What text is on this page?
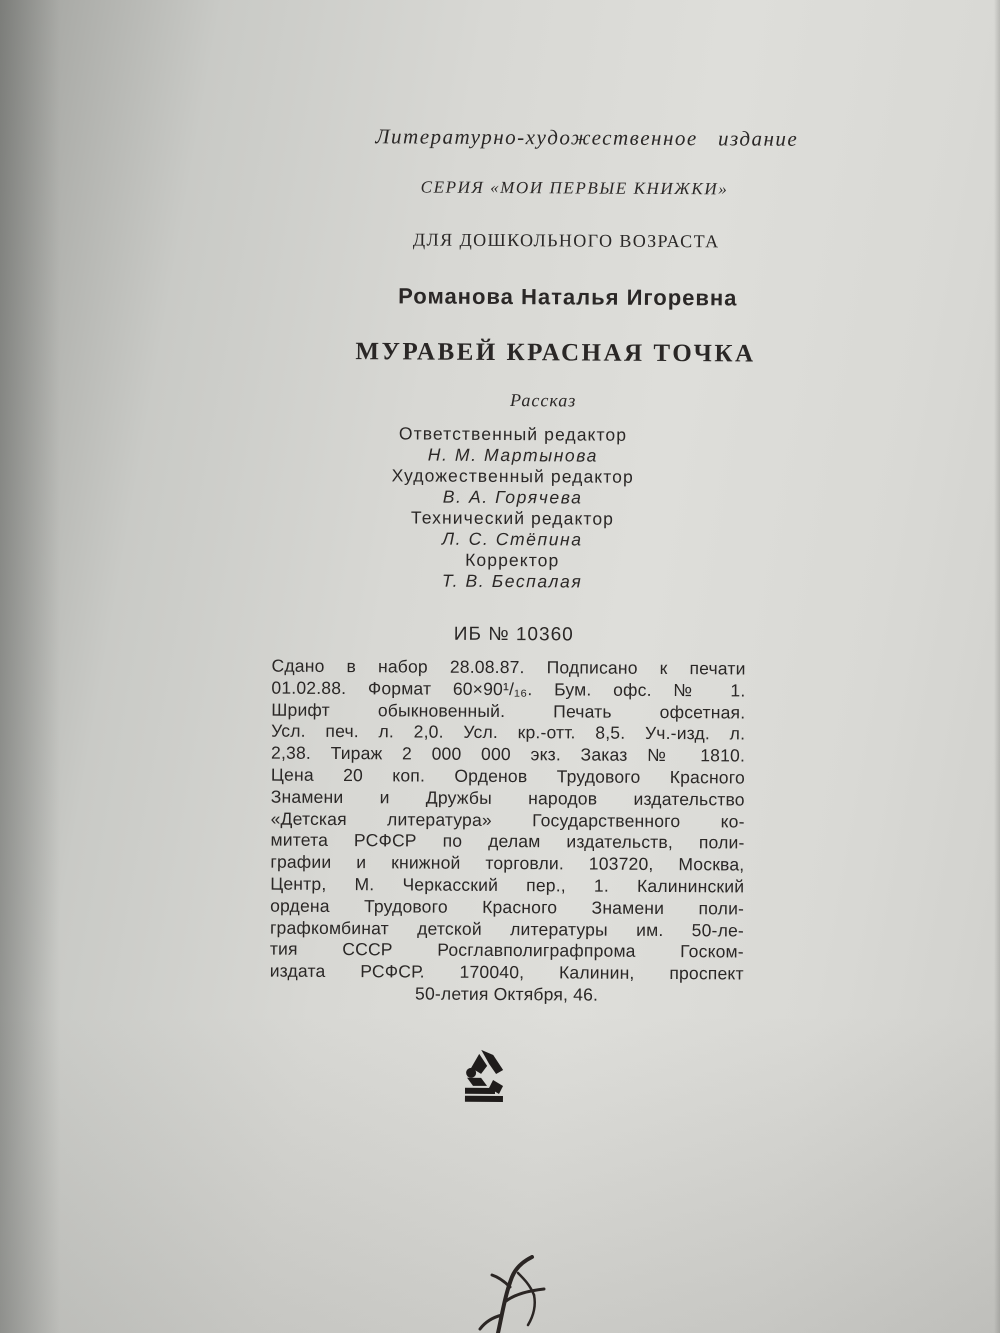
Литературно-художественное   издание
СЕРИЯ «МОИ ПЕРВЫЕ КНИЖКИ»
ДЛЯ ДОШКОЛЬНОГО ВОЗРАСТА
Романова Наталья Игоревна
МУРАВЕЙ КРАСНАЯ ТОЧКА
Рассказ
Ответственный редактор
Н. М. Мартынова
Художественный редактор
В. А. Горячева
Технический редактор
Л. С. Стёпина
Корректор
Т. В. Беспалая
ИБ № 10360
Сдано в набор 28.08.87. Подписано к печати
01.02.88. Формат 60×90¹/₁₆. Бум. офс. № 1.
Шрифт обыкновенный. Печать офсетная.
Усл. печ. л. 2,0. Усл. кр.-отт. 8,5. Уч.-изд. л.
2,38. Тираж 2 000 000 экз. Заказ № 1810.
Цена 20 коп. Орденов Трудового Красного
Знамени и Дружбы народов издательство
«Детская литература» Государственного ко-
митета РСФСР по делам издательств, поли-
графии и книжной торговли. 103720, Москва,
Центр, М. Черкасский пер., 1. Калининский
ордена Трудового Красного Знамени поли-
графкомбинат детской литературы им. 50-ле-
тия СССР Росглавполиграфпрома Госком-
издата РСФСР. 170040, Калинин, проспект
50-летия Октября, 46.
